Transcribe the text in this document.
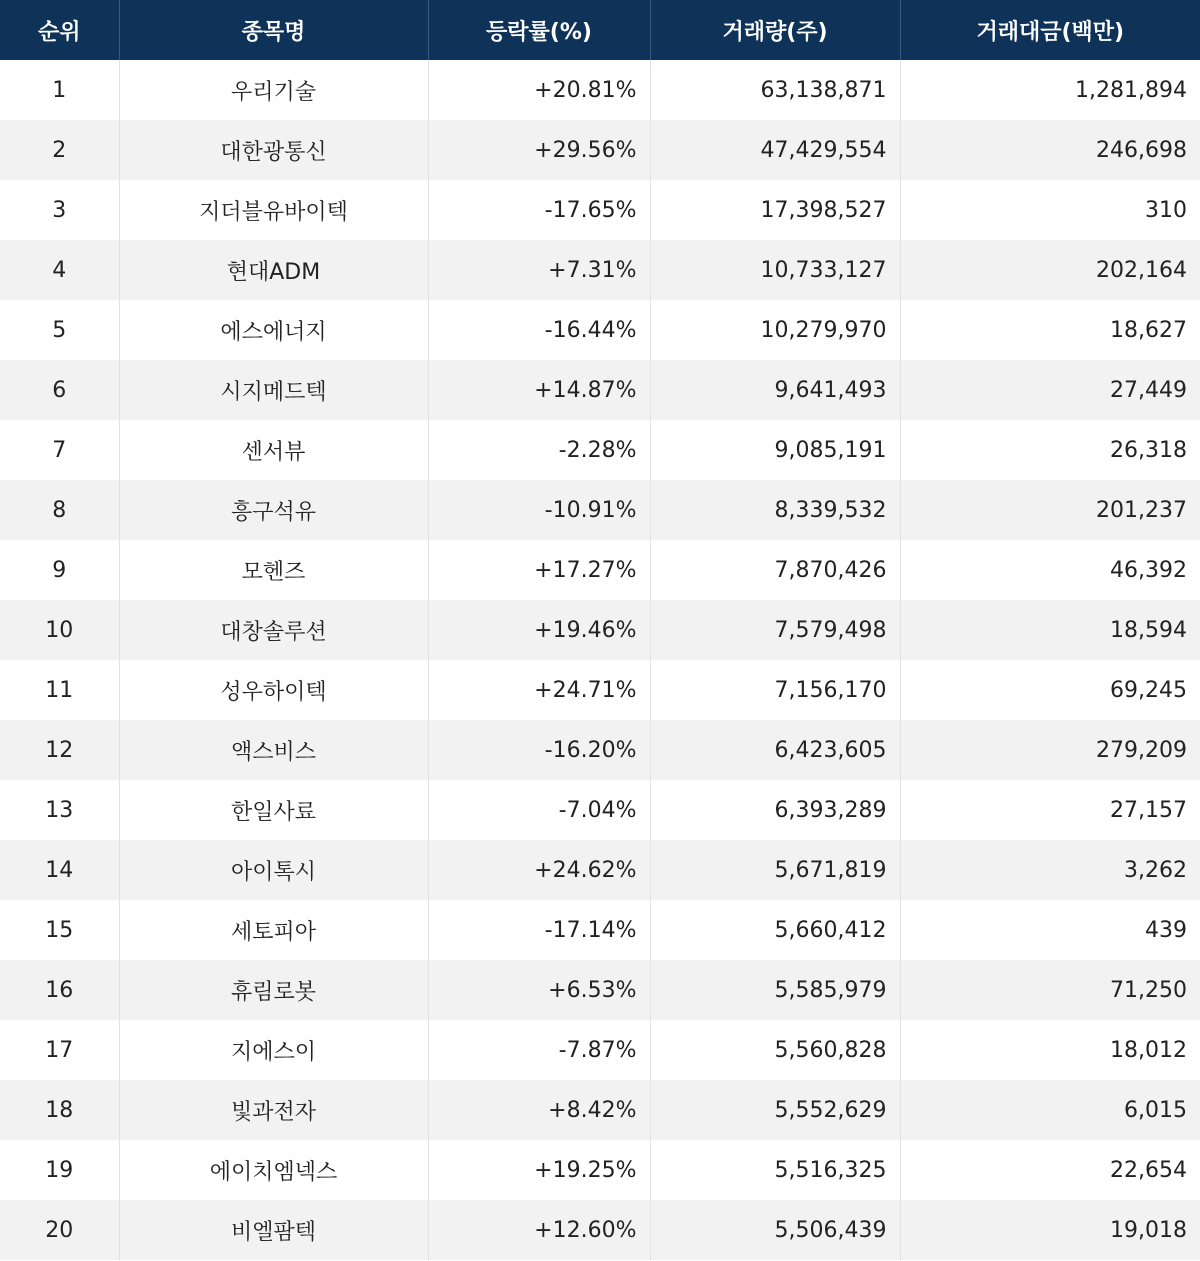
순위	종목명	등락률(%)	거래량(주)	거래대금(백만)
1	우리기술	+20.81%	63,138,871	1,281,894
2	대한광통신	+29.56%	47,429,554	246,698
3	지더블유바이텍	-17.65%	17,398,527	310
4	현대ADM	+7.31%	10,733,127	202,164
5	에스에너지	-16.44%	10,279,970	18,627
6	시지메드텍	+14.87%	9,641,493	27,449
7	센서뷰	-2.28%	9,085,191	26,318
8	흥구석유	-10.91%	8,339,532	201,237
9	모헨즈	+17.27%	7,870,426	46,392
10	대창솔루션	+19.46%	7,579,498	18,594
11	성우하이텍	+24.71%	7,156,170	69,245
12	액스비스	-16.20%	6,423,605	279,209
13	한일사료	-7.04%	6,393,289	27,157
14	아이톡시	+24.62%	5,671,819	3,262
15	세토피아	-17.14%	5,660,412	439
16	휴림로봇	+6.53%	5,585,979	71,250
17	지에스이	-7.87%	5,560,828	18,012
18	빛과전자	+8.42%	5,552,629	6,015
19	에이치엠넥스	+19.25%	5,516,325	22,654
20	비엘팜텍	+12.60%	5,506,439	19,018
